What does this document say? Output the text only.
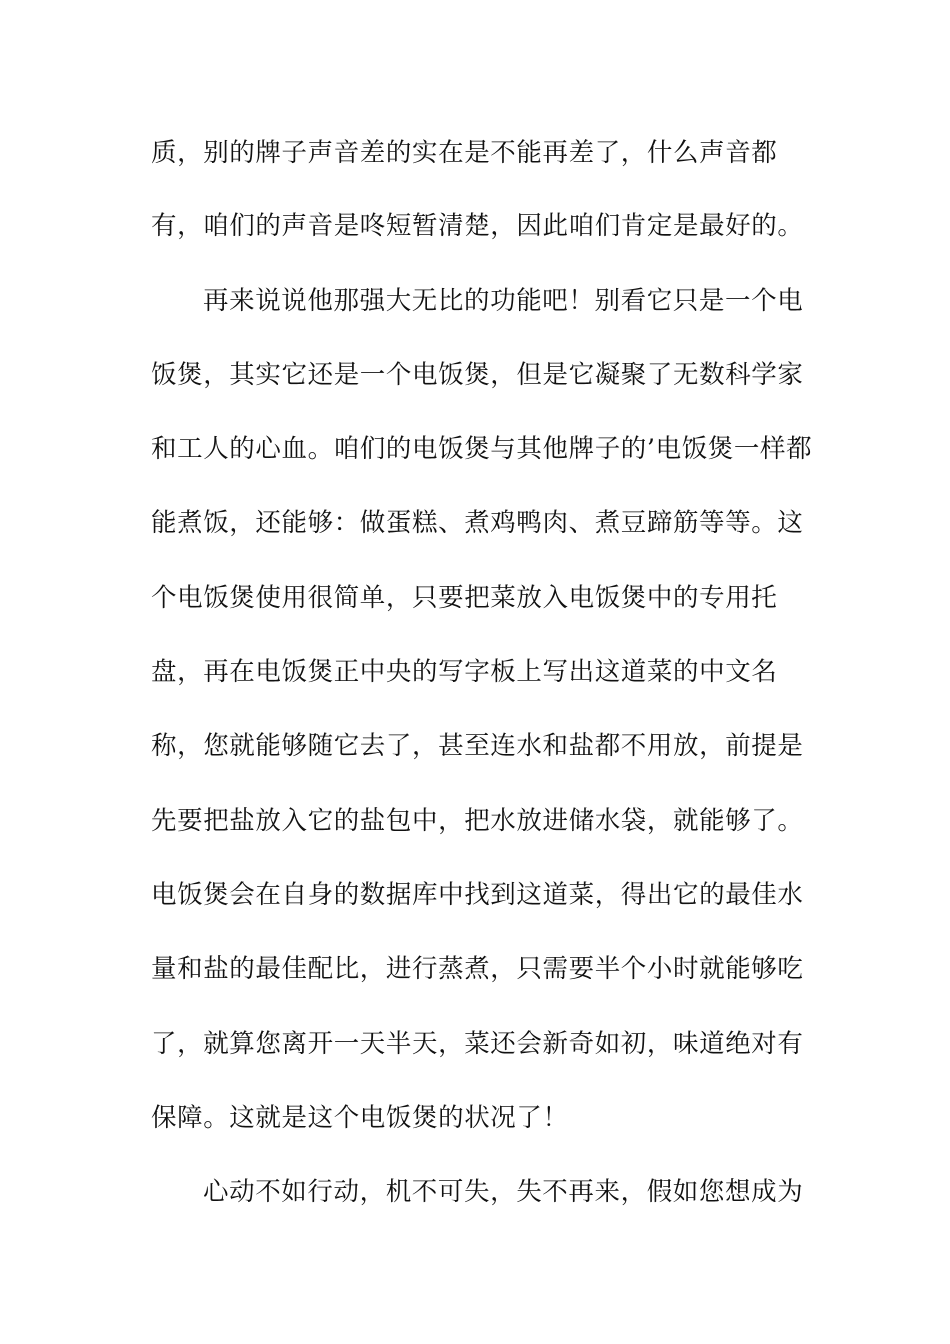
质，别的牌子声音差的实在是不能再差了，什么声音都
有，咱们的声音是咚短暂清楚，因此咱们肯定是最好的。
再来说说他那强大无比的功能吧！别看它只是一个电
饭煲，其实它还是一个电饭煲，但是它凝聚了无数科学家
和工人的心血。咱们的电饭煲与其他牌子的’电饭煲一样都
能煮饭，还能够：做蛋糕、煮鸡鸭肉、煮豆蹄筋等等。这
个电饭煲使用很简单，只要把菜放入电饭煲中的专用托
盘，再在电饭煲正中央的写字板上写出这道菜的中文名
称，您就能够随它去了，甚至连水和盐都不用放，前提是
先要把盐放入它的盐包中，把水放进储水袋，就能够了。
电饭煲会在自身的数据库中找到这道菜，得出它的最佳水
量和盐的最佳配比，进行蒸煮，只需要半个小时就能够吃
了，就算您离开一天半天，菜还会新奇如初，味道绝对有
保障。这就是这个电饭煲的状况了！
心动不如行动，机不可失，失不再来，假如您想成为
